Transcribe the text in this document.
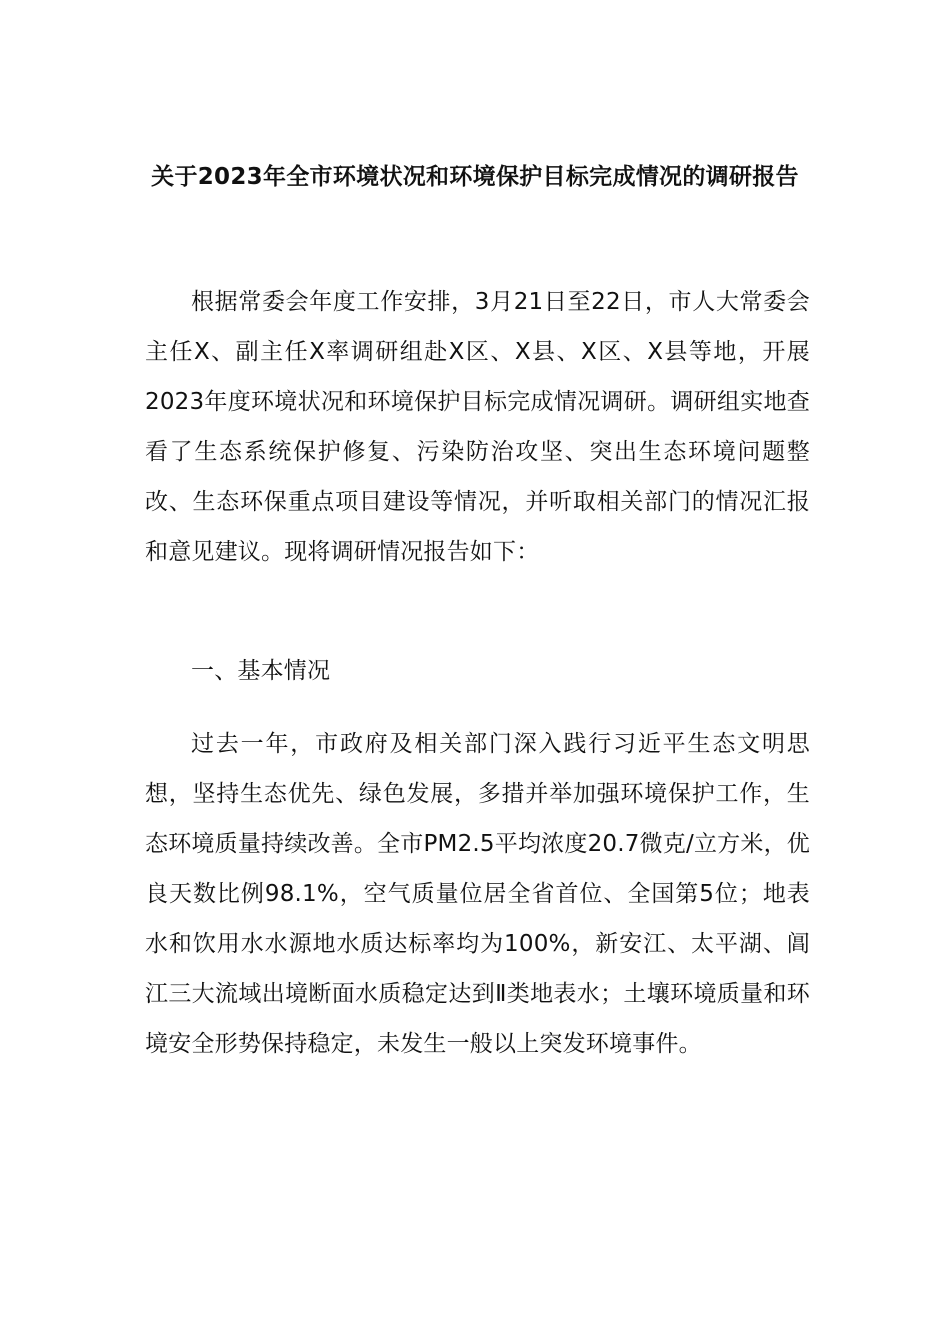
关于2023年全市环境状况和环境保护目标完成情况的调研报告

根据常委会年度工作安排，3月21日至22日，市人大常委会主任X、副主任X率调研组赴X区、X县、X区、X县等地，开展2023年度环境状况和环境保护目标完成情况调研。调研组实地查看了生态系统保护修复、污染防治攻坚、突出生态环境问题整改、生态环保重点项目建设等情况，并听取相关部门的情况汇报和意见建议。现将调研情况报告如下：

一、基本情况

过去一年，市政府及相关部门深入践行习近平生态文明思想，坚持生态优先、绿色发展，多措并举加强环境保护工作，生态环境质量持续改善。全市PM2.5平均浓度20.7微克/立方米，优良天数比例98.1%，空气质量位居全省首位、全国第5位；地表水和饮用水水源地水质达标率均为100%，新安江、太平湖、阊江三大流域出境断面水质稳定达到Ⅱ类地表水；土壤环境质量和环境安全形势保持稳定，未发生一般以上突发环境事件。
